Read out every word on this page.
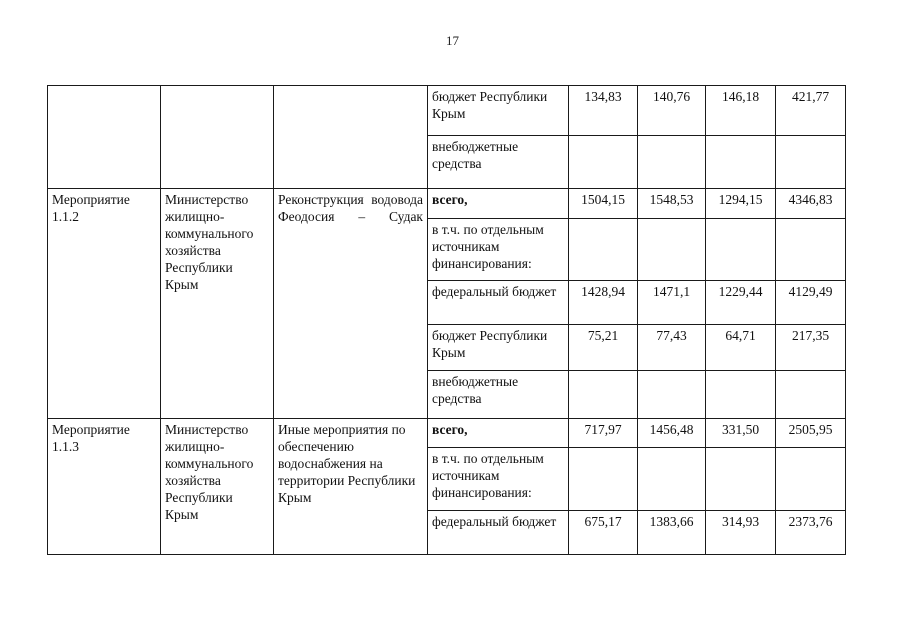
17
			бюджет Республики Крым	134,83	140,76	146,18	421,77
			внебюджетные средства				
Мероприятие 1.1.2	Министерство жилищно-коммунального хозяйства Республики Крым	Реконструкция водовода Феодосия – Судак	всего,	1504,15	1548,53	1294,15	4346,83
			в т.ч. по отдельным источникам финансирования:				
			федеральный бюджет	1428,94	1471,1	1229,44	4129,49
			бюджет Республики Крым	75,21	77,43	64,71	217,35
			внебюджетные средства				
Мероприятие 1.1.3	Министерство жилищно-коммунального хозяйства Республики Крым	Иные мероприятия по обеспечению водоснабжения на территории Республики Крым	всего,	717,97	1456,48	331,50	2505,95
			в т.ч. по отдельным источникам финансирования:				
			федеральный бюджет	675,17	1383,66	314,93	2373,76
